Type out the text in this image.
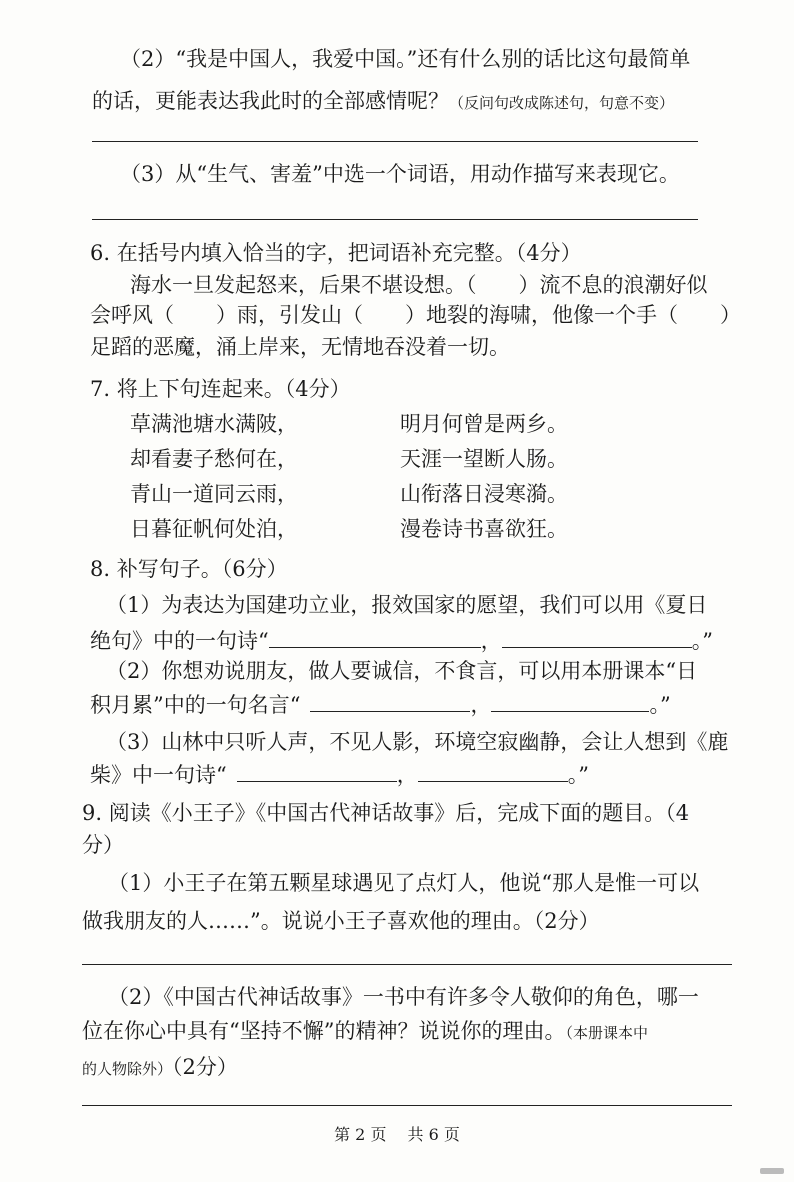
（2）“我是中国人，我爱中国。”还有什么别的话比这句最简单
的话，更能表达我此时的全部感情呢？（反问句改成陈述句，句意不变）
（3）从“生气、害羞”中选一个词语，用动作描写来表现它。
6. 在括号内填入恰当的字，把词语补充完整。（4分）
海水一旦发起怒来，后果不堪设想。（　　）流不息的浪潮好似
会呼风（　　）雨，引发山（　　）地裂的海啸，他像一个手（　　）
足蹈的恶魔，涌上岸来，无情地吞没着一切。
7. 将上下句连起来。（4分）
草满池塘水满陂，	明月何曾是两乡。
却看妻子愁何在，	天涯一望断人肠。
青山一道同云雨，	山衔落日浸寒漪。
日暮征帆何处泊，	漫卷诗书喜欲狂。
8. 补写句子。（6分）
（1）为表达为国建功立业，报效国家的愿望，我们可以用《夏日
绝句》中的一句诗“	，	。”
（2）你想劝说朋友，做人要诚信，不食言，可以用本册课本“日
积月累”中的一句名言“	，	。”
（3）山林中只听人声，不见人影，环境空寂幽静，会让人想到《鹿
柴》中一句诗“	，	。”
9. 阅读《小王子》《中国古代神话故事》后，完成下面的题目。（4
分）
（1）小王子在第五颗星球遇见了点灯人，他说“那人是惟一可以
做我朋友的人……”。说说小王子喜欢他的理由。（2分）
（2）《中国古代神话故事》一书中有许多令人敬仰的角色，哪一
位在你心中具有“坚持不懈”的精神？说说你的理由。（本册课本中
的人物除外）（2分）
第 2 页 共 6 页
